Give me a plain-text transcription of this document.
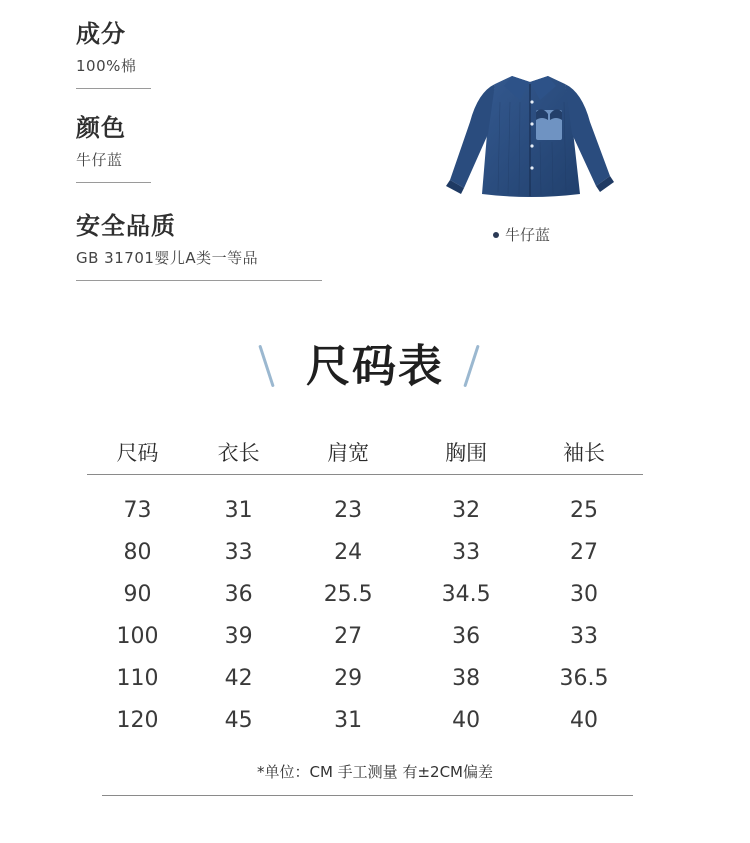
成分
100%棉
颜色
牛仔蓝
安全品质
GB 31701婴儿A类一等品
牛仔蓝
尺码表
尺码	衣长	肩宽	胸围	袖长
73	31	23	32	25
80	33	24	33	27
90	36	25.5	34.5	30
100	39	27	36	33
110	42	29	38	36.5
120	45	31	40	40
*单位：CM 手工测量 有±2CM偏差
